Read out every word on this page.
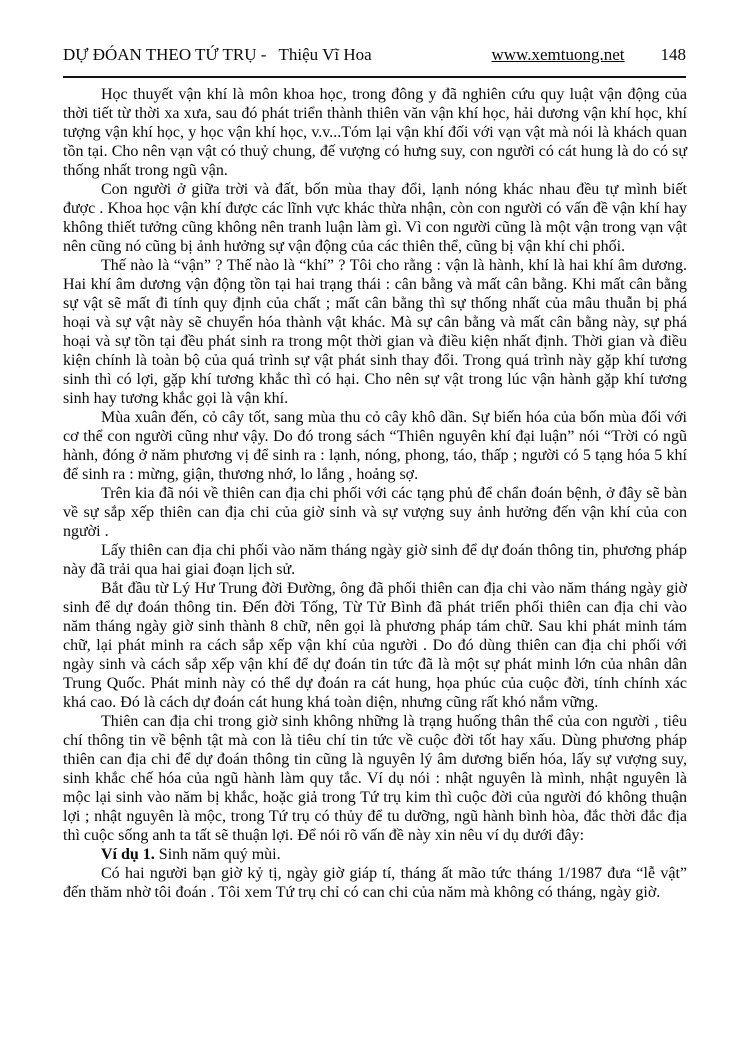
DỰ ĐÓAN THEO TỨ TRỤ - Thiệu Vĩ Hoa	www.xemtuong.net 148

Học thuyết vận khí là môn khoa học, trong đông y đã nghiên cứu quy luật vận động của thời tiết từ thời xa xưa, sau đó phát triển thành thiên văn vận khí học, hải dương vận khí học, khí tượng vận khí học, y học vận khí học, v.v...Tóm lại vận khí đối với vạn vật mà nói là khách quan tồn tại. Cho nên vạn vật có thuỷ chung, đế vượng có hưng suy, con người có cát hung là do có sự thống nhất trong ngũ vận.

Con người ở giữa trời và đất, bốn mùa thay đổi, lạnh nóng khác nhau đều tự mình biết được . Khoa học vận khí được các lĩnh vực khác thừa nhận, còn con người có vấn đề vận khí hay không thiết tưởng cũng không nên tranh luận làm gì. Vì con người cũng là một vận trong vạn vật nên cũng nó cũng bị ảnh hưởng sự vận động của các thiên thể, cũng bị vận khí chi phối.

Thế nào là “vận” ? Thế nào là “khí” ? Tôi cho rằng : vận là hành, khí là hai khí âm dương. Hai khí âm dương vận động tồn tại hai trạng thái : cân bằng và mất cân bằng. Khi mất cân bằng sự vật sẽ mất đi tính quy định của chất ; mất cân bằng thì sự thống nhất của mâu thuẫn bị phá hoại và sự vật này sẽ chuyển hóa thành vật khác. Mà sự cân bằng và mất cân bằng này, sự phá hoại và sự tồn tại đều phát sinh ra trong một thời gian và điều kiện nhất định. Thời gian và điều kiện chính là toàn bộ của quá trình sự vật phát sinh thay đổi. Trong quá trình này gặp khí tương sinh thì có lợi, gặp khí tương khắc thì có hại. Cho nên sự vật trong lúc vận hành gặp khí tương sinh hay tương khắc gọi là vận khí.

Mùa xuân đến, cỏ cây tốt, sang mùa thu cỏ cây khô dần. Sự biến hóa của bốn mùa đối với cơ thể con người cũng như vậy. Do đó trong sách “Thiên nguyên khí đại luận” nói “Trời có ngũ hành, đóng ở năm phương vị để sinh ra : lạnh, nóng, phong, táo, thấp ; người có 5 tạng hóa 5 khí để sinh ra : mừng, giận, thương nhớ, lo lắng , hoảng sợ.

Trên kia đã nói về thiên can địa chi phối với các tạng phủ để chẩn đoán bệnh, ở đây sẽ bàn về sự sắp xếp thiên can địa chi của giờ sinh và sự vượng suy ảnh hưởng đến vận khí của con người .

Lấy thiên can địa chi phối vào năm tháng ngày giờ sinh để dự đoán thông tin, phương pháp này đã trải qua hai giai đoạn lịch sử.

Bắt đầu từ Lý Hư Trung đời Đường, ông đã phối thiên can địa chi vào năm tháng ngày giờ sinh để dự đoán thông tin. Đến đời Tống, Từ Tử Bình đã phát triển phối thiên can địa chi vào năm tháng ngày giờ sinh thành 8 chữ, nên gọi là phương pháp tám chữ. Sau khi phát minh tám chữ, lại phát minh ra cách sắp xếp vận khí của người . Do đó dùng thiên can địa chi phối với ngày sinh và cách sắp xếp vận khí để dự đoán tin tức đã là một sự phát minh lớn của nhân dân Trung Quốc. Phát minh này có thể dự đoán ra cát hung, họa phúc của cuộc đời, tính chính xác khá cao. Đó là cách dự đoán cát hung khá toàn diện, nhưng cũng rất khó nắm vững.

Thiên can địa chi trong giờ sinh không những là trạng huống thân thể của con người , tiêu chí thông tin về bệnh tật mà con là tiêu chí tin tức về cuộc đời tốt hay xấu. Dùng phương pháp thiên can địa chi để dự đoán thông tin cũng là nguyên lý âm dương biến hóa, lấy sự vượng suy, sinh khắc chế hóa của ngũ hành làm quy tắc. Ví dụ nói : nhật nguyên là mình, nhật nguyên là mộc lại sinh vào năm bị khắc, hoặc giả trong Tứ trụ kim thì cuộc đời của người đó không thuận lợi ; nhật nguyên là mộc, trong Tứ trụ có thủy để tu dưỡng, ngũ hành bình hòa, đắc thời đắc địa thì cuộc sống anh ta tất sẽ thuận lợi. Để nói rõ vấn đề này xin nêu ví dụ dưới đây:

Ví dụ 1. Sinh năm quý mùi.

Có hai người bạn giờ kỷ tị, ngày giờ giáp tí, tháng ất mão tức tháng 1/1987 đưa “lễ vật” đến thăm nhờ tôi đoán . Tôi xem Tứ trụ chỉ có can chi của năm mà không có tháng, ngày giờ.
